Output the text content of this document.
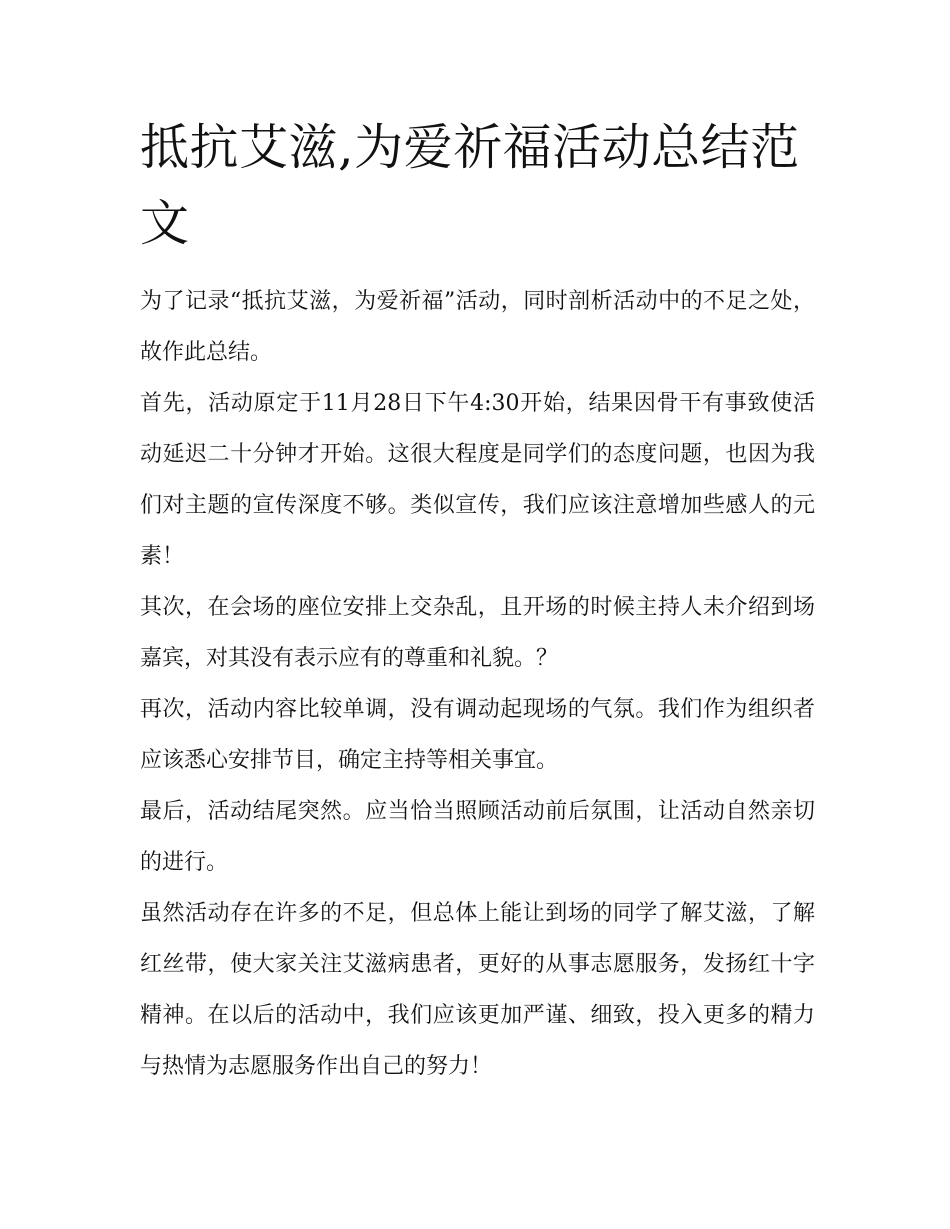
抵抗艾滋,为爱祈福活动总结范文

为了记录“抵抗艾滋，为爱祈福”活动，同时剖析活动中的不足之处，故作此总结。

首先，活动原定于11月28日下午4:30开始，结果因骨干有事致使活动延迟二十分钟才开始。这很大程度是同学们的态度问题，也因为我们对主题的宣传深度不够。类似宣传，我们应该注意增加些感人的元素！

其次，在会场的座位安排上交杂乱，且开场的时候主持人未介绍到场嘉宾，对其没有表示应有的尊重和礼貌。？

再次，活动内容比较单调，没有调动起现场的气氛。我们作为组织者应该悉心安排节目，确定主持等相关事宜。

最后，活动结尾突然。应当恰当照顾活动前后氛围，让活动自然亲切的进行。

虽然活动存在许多的不足，但总体上能让到场的同学了解艾滋，了解红丝带，使大家关注艾滋病患者，更好的从事志愿服务，发扬红十字精神。在以后的活动中，我们应该更加严谨、细致，投入更多的精力与热情为志愿服务作出自己的努力！
